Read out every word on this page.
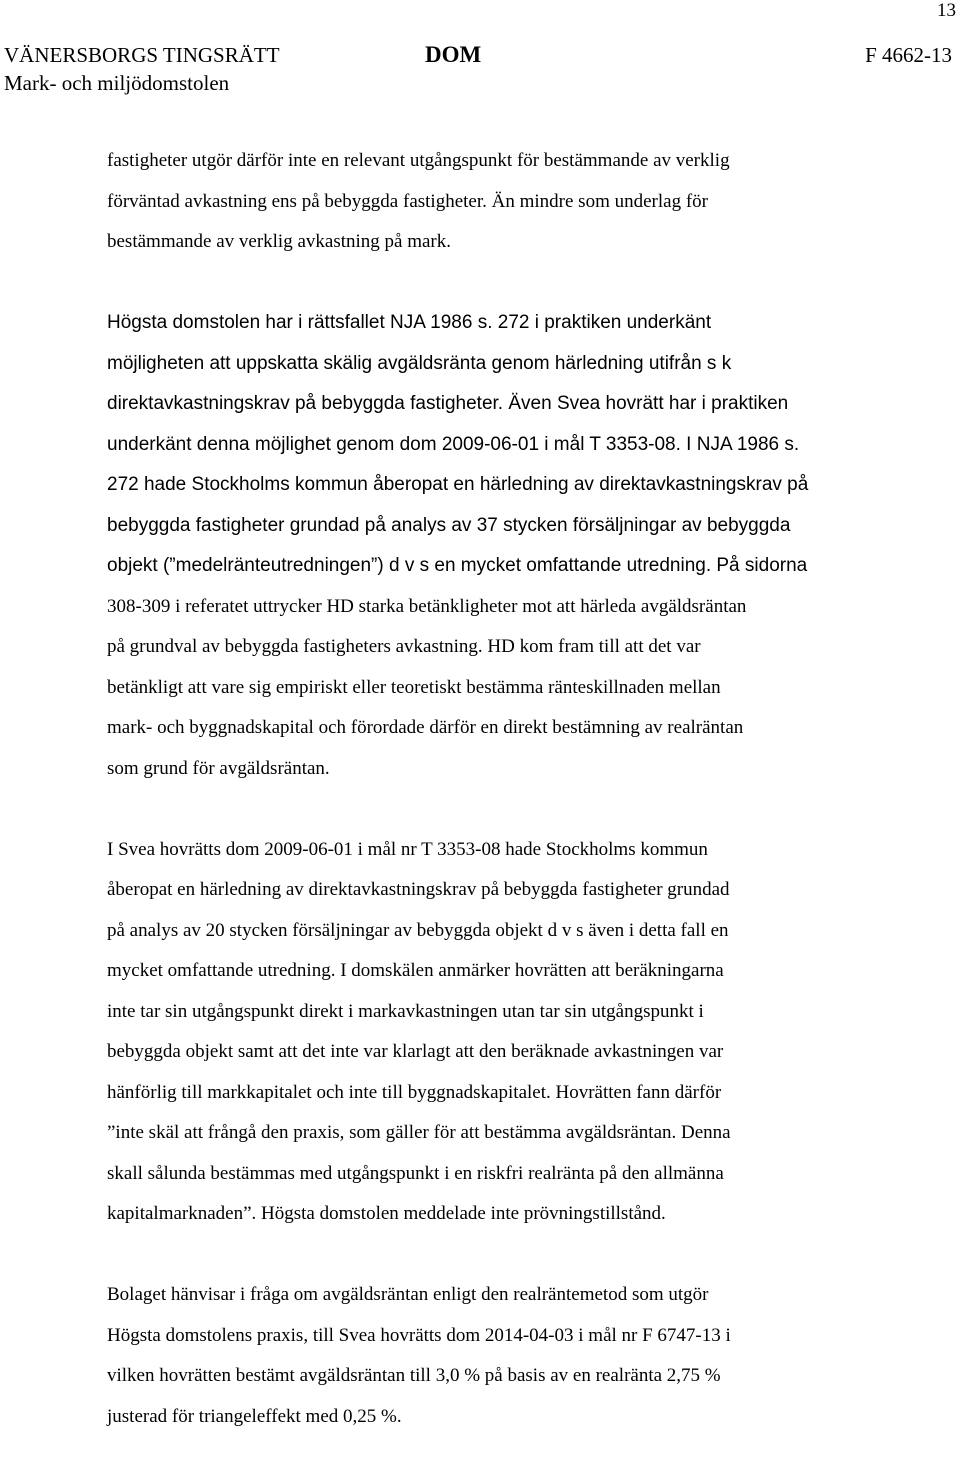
13
VÄNERSBORGS TINGSRÄTT
Mark- och miljödomstolen
DOM	F 4662-13
fastigheter utgör därför inte en relevant utgångspunkt för bestämmande av verklig
förväntad avkastning ens på bebyggda fastigheter. Än mindre som underlag för
bestämmande av verklig avkastning på mark.
Högsta domstolen har i rättsfallet NJA 1986 s. 272 i praktiken underkänt
möjligheten att uppskatta skälig avgäldsränta genom härledning utifrån s k
direktavkastningskrav på bebyggda fastigheter. Även Svea hovrätt har i praktiken
underkänt denna möjlighet genom dom 2009-06-01 i mål T 3353-08. I NJA 1986 s.
272 hade Stockholms kommun åberopat en härledning av direktavkastningskrav på
bebyggda fastigheter grundad på analys av 37 stycken försäljningar av bebyggda
objekt (”medelränteutredningen”) d v s en mycket omfattande utredning. På sidorna
308-309 i referatet uttrycker HD starka betänkligheter mot att härleda avgäldsräntan
på grundval av bebyggda fastigheters avkastning. HD kom fram till att det var
betänkligt att vare sig empiriskt eller teoretiskt bestämma ränteskillnaden mellan
mark- och byggnadskapital och förordade därför en direkt bestämning av realräntan
som grund för avgäldsräntan.
I Svea hovrätts dom 2009-06-01 i mål nr T 3353-08 hade Stockholms kommun
åberopat en härledning av direktavkastningskrav på bebyggda fastigheter grundad
på analys av 20 stycken försäljningar av bebyggda objekt d v s även i detta fall en
mycket omfattande utredning. I domskälen anmärker hovrätten att beräkningarna
inte tar sin utgångspunkt direkt i markavkastningen utan tar sin utgångspunkt i
bebyggda objekt samt att det inte var klarlagt att den beräknade avkastningen var
hänförlig till markkapitalet och inte till byggnadskapitalet. Hovrätten fann därför
”inte skäl att frångå den praxis, som gäller för att bestämma avgäldsräntan. Denna
skall sålunda bestämmas med utgångspunkt i en riskfri realränta på den allmänna
kapitalmarknaden”. Högsta domstolen meddelade inte prövningstillstånd.
Bolaget hänvisar i fråga om avgäldsräntan enligt den realräntemetod som utgör
Högsta domstolens praxis, till Svea hovrätts dom 2014-04-03 i mål nr F 6747-13 i
vilken hovrätten bestämt avgäldsräntan till 3,0 % på basis av en realränta 2,75 %
justerad för triangeleffekt med 0,25 %.
